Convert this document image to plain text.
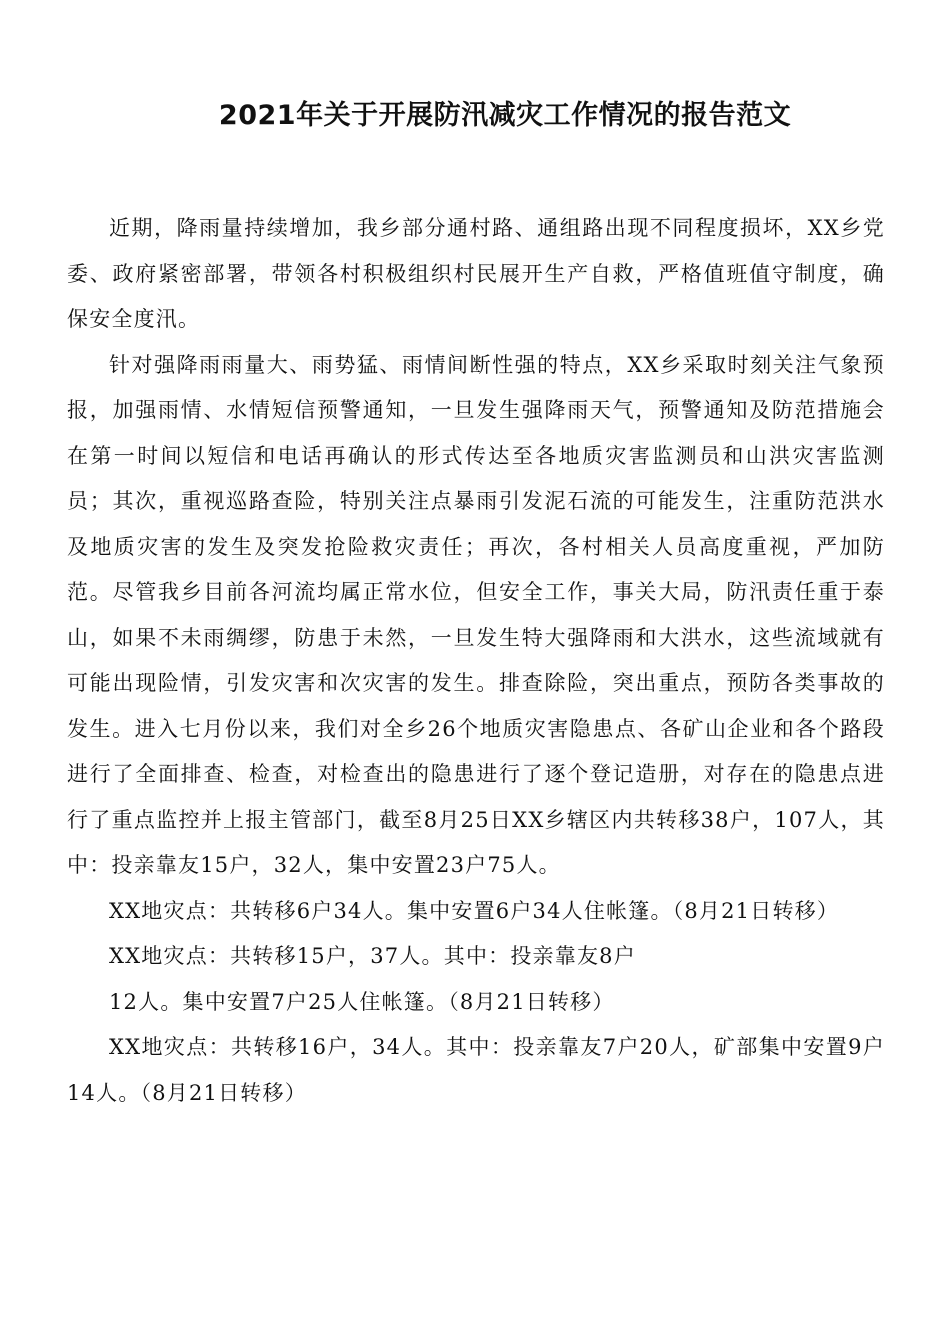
2021年关于开展防汛减灾工作情况的报告范文

近期，降雨量持续增加，我乡部分通村路、通组路出现不同程度损坏，XX乡党委、政府紧密部署，带领各村积极组织村民展开生产自救，严格值班值守制度，确保安全度汛。

针对强降雨雨量大、雨势猛、雨情间断性强的特点，XX乡采取时刻关注气象预报，加强雨情、水情短信预警通知，一旦发生强降雨天气，预警通知及防范措施会在第一时间以短信和电话再确认的形式传达至各地质灾害监测员和山洪灾害监测员；其次，重视巡路查险，特别关注点暴雨引发泥石流的可能发生，注重防范洪水及地质灾害的发生及突发抢险救灾责任；再次，各村相关人员高度重视，严加防范。尽管我乡目前各河流均属正常水位，但安全工作，事关大局，防汛责任重于泰山，如果不未雨绸缪，防患于未然，一旦发生特大强降雨和大洪水，这些流域就有可能出现险情，引发灾害和次灾害的发生。排查除险，突出重点，预防各类事故的发生。进入七月份以来，我们对全乡26个地质灾害隐患点、各矿山企业和各个路段进行了全面排查、检查，对检查出的隐患进行了逐个登记造册，对存在的隐患点进行了重点监控并上报主管部门，截至8月25日XX乡辖区内共转移38户，107人，其中：投亲靠友15户，32人，集中安置23户75人。

XX地灾点：共转移6户34人。集中安置6户34人住帐篷。（8月21日转移）

XX地灾点：共转移15户，37人。其中：投亲靠友8户

12人。集中安置7户25人住帐篷。（8月21日转移）

XX地灾点：共转移16户，34人。其中：投亲靠友7户20人，矿部集中安置9户14人。（8月21日转移）
